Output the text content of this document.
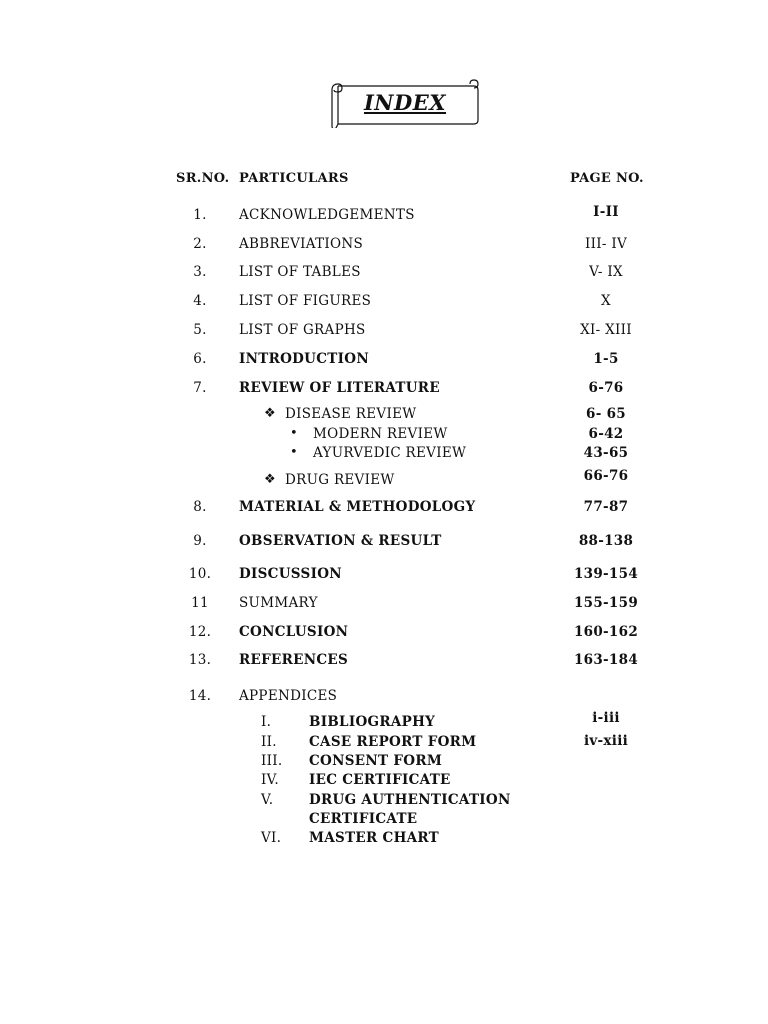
INDEX
SR.NO. PARTICULARS	PAGE NO.
1.	ACKNOWLEDGEMENTS	I-II
2.	ABBREVIATIONS	III- IV
3.	LIST OF TABLES	V- IX
4.	LIST OF FIGURES	X
5.	LIST OF GRAPHS	XI- XIII
6.	INTRODUCTION	1-5
7.	REVIEW OF LITERATURE	6-76
❖ DISEASE REVIEW	6- 65
• MODERN REVIEW	6-42
• AYURVEDIC REVIEW	43-65
❖ DRUG REVIEW	66-76
8.	MATERIAL & METHODOLOGY	77-87
9.	OBSERVATION & RESULT	88-138
10.	DISCUSSION	139-154
11	SUMMARY	155-159
12.	CONCLUSION	160-162
13.	REFERENCES	163-184
14.	APPENDICES
I.	BIBLIOGRAPHY	i-iii
II. CASE REPORT FORM	iv-xiii
III. CONSENT FORM
IV. IEC CERTIFICATE
V.	DRUG AUTHENTICATION
CERTIFICATE
VI. MASTER CHART
